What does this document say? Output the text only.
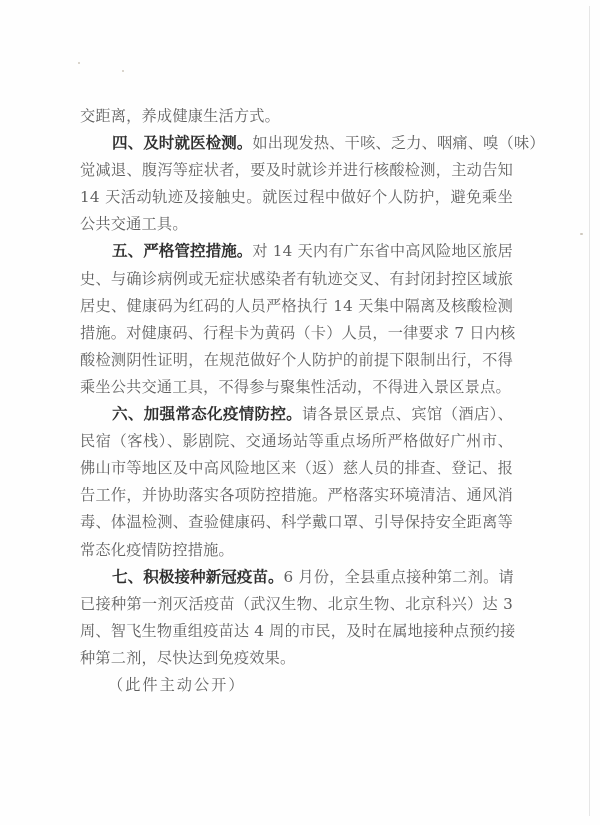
交距离，养成健康生活方式。
四、及时就医检测。如出现发热、干咳、乏力、咽痛、嗅（味）
觉减退、腹泻等症状者，要及时就诊并进行核酸检测，主动告知
14 天活动轨迹及接触史。就医过程中做好个人防护，避免乘坐
公共交通工具。
五、严格管控措施。对 14 天内有广东省中高风险地区旅居
史、与确诊病例或无症状感染者有轨迹交叉、有封闭封控区域旅
居史、健康码为红码的人员严格执行 14 天集中隔离及核酸检测
措施。对健康码、行程卡为黄码（卡）人员，一律要求 7 日内核
酸检测阴性证明，在规范做好个人防护的前提下限制出行，不得
乘坐公共交通工具，不得参与聚集性活动，不得进入景区景点。
六、加强常态化疫情防控。请各景区景点、宾馆（酒店）、
民宿（客栈）、影剧院、交通场站等重点场所严格做好广州市、
佛山市等地区及中高风险地区来（返）慈人员的排查、登记、报
告工作，并协助落实各项防控措施。严格落实环境清洁、通风消
毒、体温检测、查验健康码、科学戴口罩、引导保持安全距离等
常态化疫情防控措施。
七、积极接种新冠疫苗。6 月份，全县重点接种第二剂。请
已接种第一剂灭活疫苗（武汉生物、北京生物、北京科兴）达 3
周、智飞生物重组疫苗达 4 周的市民，及时在属地接种点预约接
种第二剂，尽快达到免疫效果。
（此件主动公开）
